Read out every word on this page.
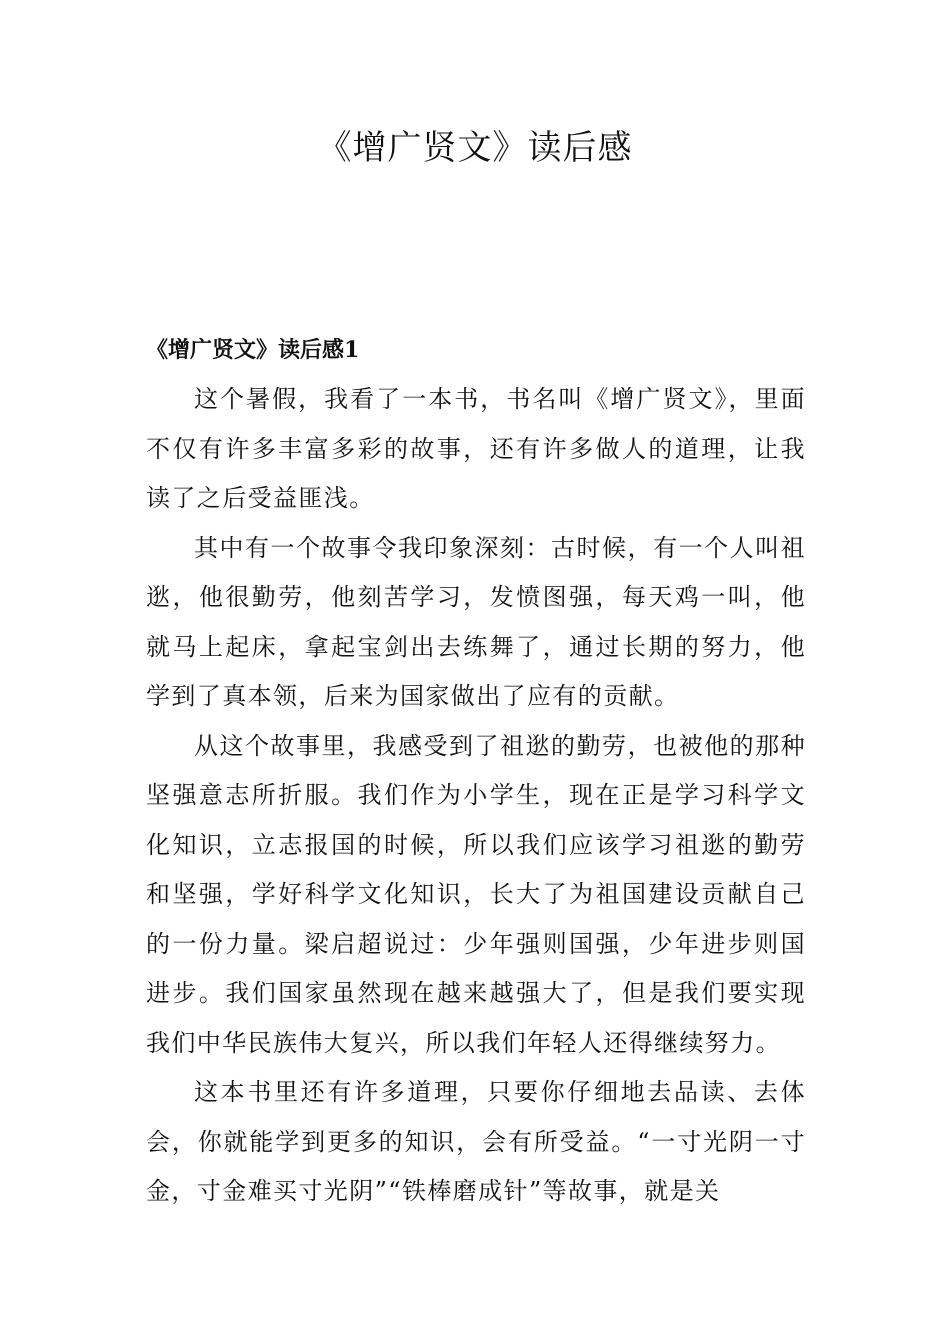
《增广贤文》读后感
《增广贤文》读后感1

这个暑假，我看了一本书，书名叫《增广贤文》，里面不仅有许多丰富多彩的故事，还有许多做人的道理，让我读了之后受益匪浅。

其中有一个故事令我印象深刻：古时候，有一个人叫祖逖，他很勤劳，他刻苦学习，发愤图强，每天鸡一叫，他就马上起床，拿起宝剑出去练舞了，通过长期的努力，他学到了真本领，后来为国家做出了应有的贡献。

从这个故事里，我感受到了祖逖的勤劳，也被他的那种坚强意志所折服。我们作为小学生，现在正是学习科学文化知识，立志报国的时候，所以我们应该学习祖逖的勤劳和坚强，学好科学文化知识，长大了为祖国建设贡献自己的一份力量。梁启超说过：少年强则国强，少年进步则国进步。我们国家虽然现在越来越强大了，但是我们要实现我们中华民族伟大复兴，所以我们年轻人还得继续努力。

这本书里还有许多道理，只要你仔细地去品读、去体会，你就能学到更多的知识，会有所受益。“一寸光阴一寸金，寸金难买寸光阴”“铁棒磨成针”等故事，就是关
